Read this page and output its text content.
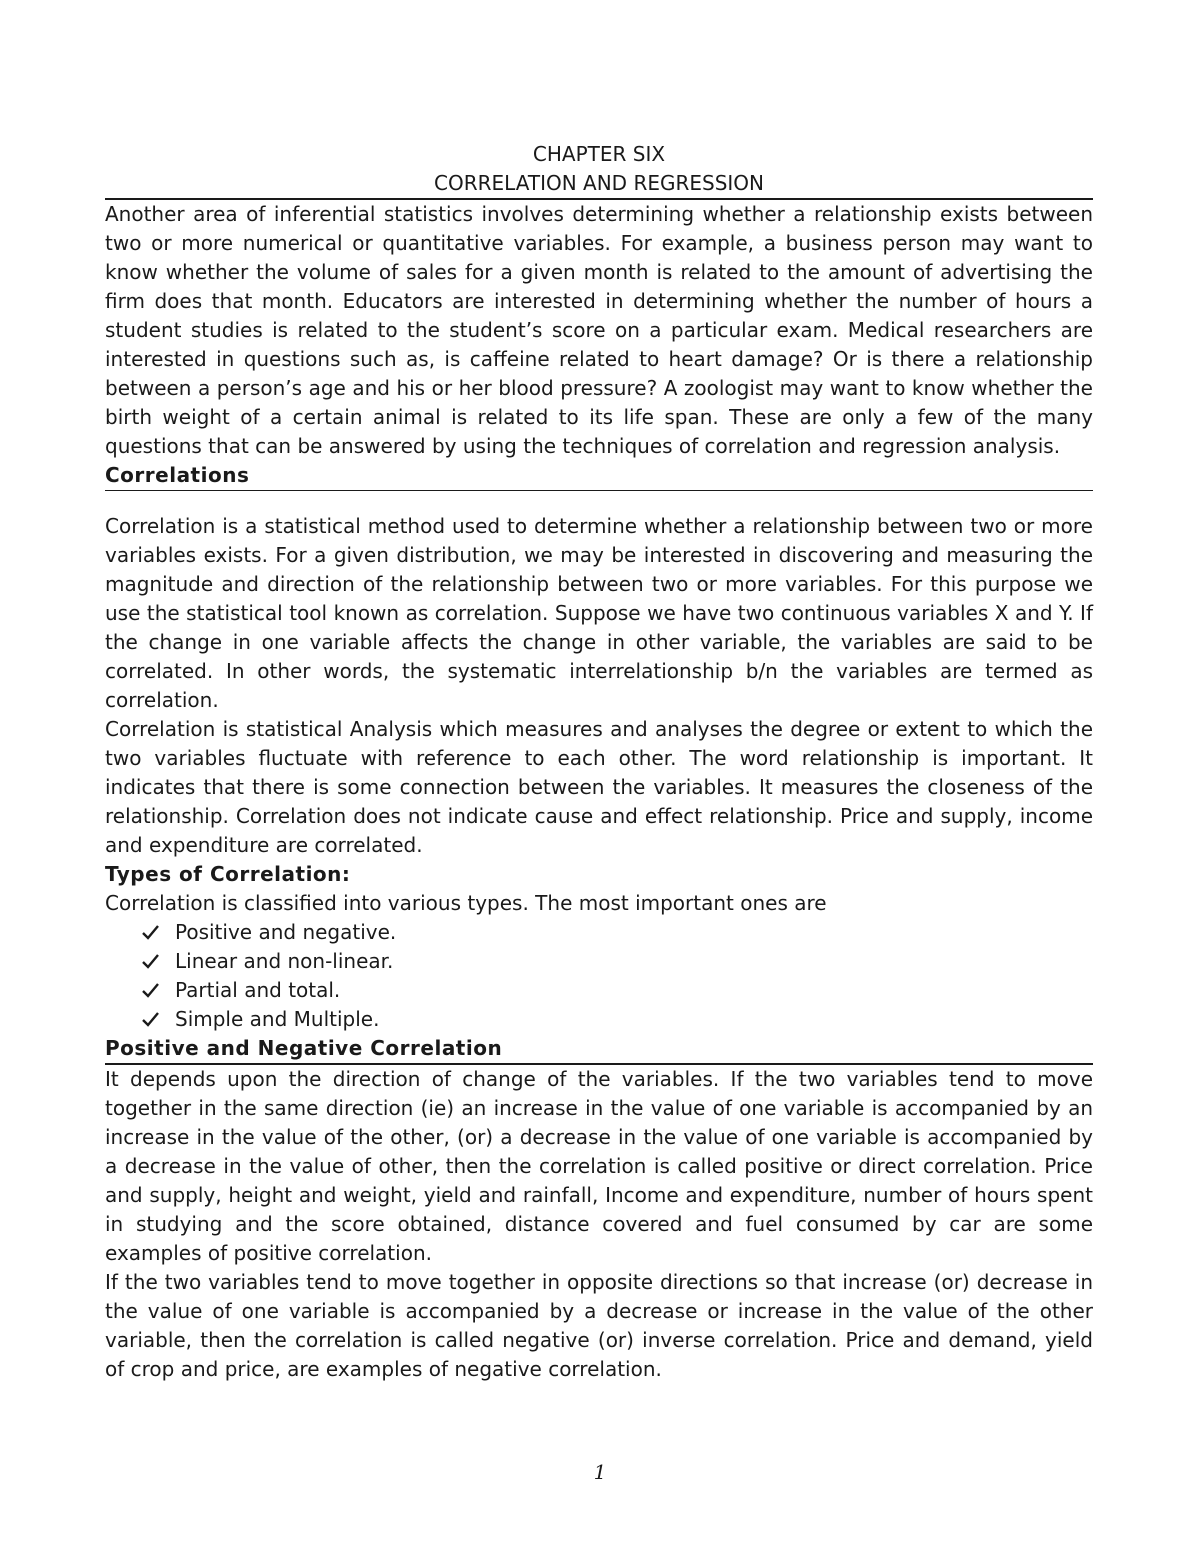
CHAPTER SIX
CORRELATION AND REGRESSION

Another area of inferential statistics involves determining whether a relationship exists between two or more numerical or quantitative variables. For example, a business person may want to know whether the volume of sales for a given month is related to the amount of advertising the firm does that month. Educators are interested in determining whether the number of hours a student studies is related to the student’s score on a particular exam. Medical researchers are interested in questions such as, is caffeine related to heart damage? Or is there a relationship between a person’s age and his or her blood pressure? A zoologist may want to know whether the birth weight of a certain animal is related to its life span. These are only a few of the many questions that can be answered by using the techniques of correlation and regression analysis.

Correlations

Correlation is a statistical method used to determine whether a relationship between two or more variables exists. For a given distribution, we may be interested in discovering and measuring the magnitude and direction of the relationship between two or more variables. For this purpose we use the statistical tool known as correlation. Suppose we have two continuous variables X and Y. If the change in one variable affects the change in other variable, the variables are said to be correlated. In other words, the systematic interrelationship b/n the variables are termed as correlation.

Correlation is statistical Analysis which measures and analyses the degree or extent to which the two variables fluctuate with reference to each other. The word relationship is important. It indicates that there is some connection between the variables. It measures the closeness of the relationship. Correlation does not indicate cause and effect relationship. Price and supply, income and expenditure are correlated.

Types of Correlation:

Correlation is classified into various types. The most important ones are

Positive and negative.
Linear and non-linear.
Partial and total.
Simple and Multiple.
Positive and Negative Correlation

It depends upon the direction of change of the variables. If the two variables tend to move together in the same direction (ie) an increase in the value of one variable is accompanied by an increase in the value of the other, (or) a decrease in the value of one variable is accompanied by a decrease in the value of other, then the correlation is called positive or direct correlation. Price and supply, height and weight, yield and rainfall, Income and expenditure, number of hours spent in studying and the score obtained, distance covered and fuel consumed by car are some examples of positive correlation.

If the two variables tend to move together in opposite directions so that increase (or) decrease in the value of one variable is accompanied by a decrease or increase in the value of the other variable, then the correlation is called negative (or) inverse correlation. Price and demand, yield of crop and price, are examples of negative correlation.

1
